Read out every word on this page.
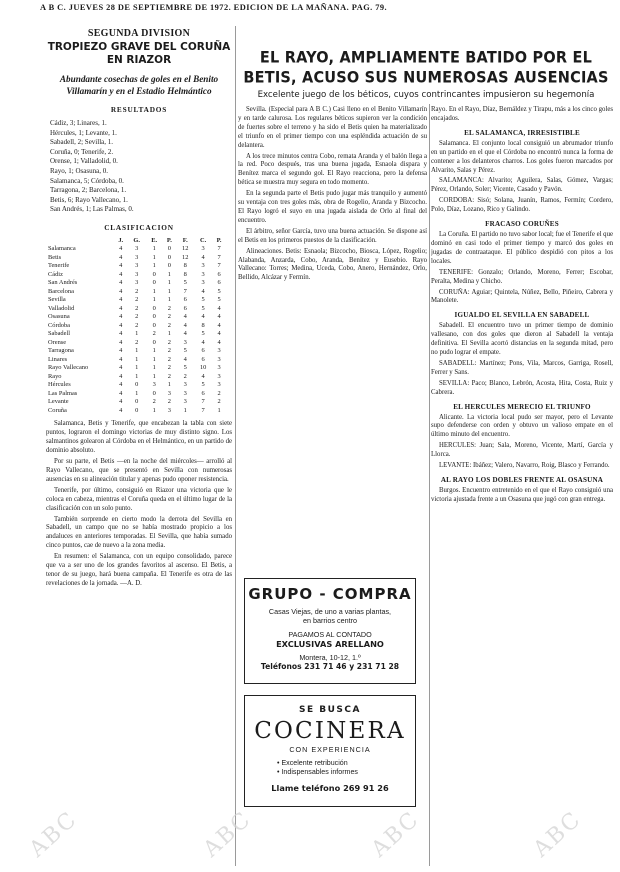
A B C. JUEVES 28 DE SEPTIEMBRE DE 1972. EDICION DE LA MAÑANA. PAG. 79.
SEGUNDA DIVISION
TROPIEZO GRAVE DEL CORUÑA EN RIAZOR
Abundante cosechas de goles en el Benito Villamarín y en el Estadio Helmántico
RESULTADOS
Cádiz, 3; Linares, 1.
Hércules, 1; Levante, 1.
Sabadell, 2; Sevilla, 1.
Coruña, 0; Tenerife, 2.
Orense, 1; Valladolid, 0.
Rayo, 1; Osasuna, 0.
Salamanca, 5; Córdoba, 0.
Tarragona, 2; Barcelona, 1.
Betis, 6; Rayo Vallecano, 1.
San Andrés, 1; Las Palmas, 0.
CLASIFICACION
	J.	G.	E.	P.	F.	C.	P.
Salamanca	4	3	1	0	12	3	7
Betis	4	3	1	0	12	4	7
Tenerife	4	3	1	0	8	3	7
Cádiz	4	3	0	1	8	3	6
San Andrés	4	3	0	1	5	3	6
Barcelona	4	2	1	1	7	4	5
Sevilla	4	2	1	1	6	5	5
Valladolid	4	2	0	2	6	5	4
Osasuna	4	2	0	2	4	4	4
Córdoba	4	2	0	2	4	8	4
Sabadell	4	1	2	1	4	5	4
Orense	4	2	0	2	3	4	4
Tarragona	4	1	1	2	5	6	3
Linares	4	1	1	2	4	6	3
Rayo Vallecano	4	1	1	2	5	10	3
Rayo	4	1	1	2	2	4	3
Hércules	4	0	3	1	3	5	3
Las Palmas	4	1	0	3	3	6	2
Levante	4	0	2	2	3	7	2
Coruña	4	0	1	3	1	7	1

Salamanca, Betis y Tenerife, que encabezan la tabla con siete puntos, lograron el domingo victorias de muy distinto signo. Los salmantinos golearon al Córdoba en el Helmántico, en un partido de dominio absoluto.

Por su parte, el Betis —en la noche del miércoles— arrolló al Rayo Vallecano, que se presentó en Sevilla con numerosas ausencias en su alineación titular y apenas pudo oponer resistencia.

Tenerife, por último, consiguió en Riazor una victoria que le coloca en cabeza, mientras el Coruña queda en el último lugar de la clasificación con un solo punto.

También sorprende en cierto modo la derrota del Sevilla en Sabadell, un campo que no se había mostrado propicio a los andaluces en anteriores temporadas. El Sevilla, que había sumado cinco puntos, cae de nuevo a la zona media.

En resumen: el Salamanca, con un equipo consolidado, parece que va a ser uno de los grandes favoritos al ascenso. El Betis, a tenor de su juego, hará buena campaña. El Tenerife es otra de las revelaciones de la jornada. —A. D.

EL RAYO, AMPLIAMENTE BATIDO POR EL BETIS, ACUSO SUS NUMEROSAS AUSENCIAS
Excelente juego de los béticos, cuyos contrincantes impusieron su hegemonía

Sevilla. (Especial para A B C.) Casi lleno en el Benito Villamarín y en tarde calurosa. Los regulares béticos supieron ver la condición de fuertes sobre el terreno y ha sido el Betis quien ha materializado el triunfo en el primer tiempo con una espléndida actuación de su delantera.

A los trece minutos centra Cobo, remata Aranda y el balón llega a la red. Poco después, tras una buena jugada, Esnaola dispara y Benítez marca el segundo gol. El Rayo reacciona, pero la defensa bética se muestra muy segura en todo momento.

En la segunda parte el Betis pudo jugar más tranquilo y aumentó su ventaja con tres goles más, obra de Rogelio, Aranda y Bizcocho. El Rayo logró el suyo en una jugada aislada de Orlo al final del encuentro.

El árbitro, señor García, tuvo una buena actuación. Se dispone así el Betis en los primeros puestos de la clasificación.

Alineaciones. Betis: Esnaola; Bizcocho, Biosca, López, Rogelio; Alabanda, Anzarda, Cobo, Aranda, Benítez y Eusebio. Rayo Vallecano: Torres; Medina, Uceda, Cobo, Anero, Hernández, Orlo, Bellido, Alcázar y Fermín.

GRUPO - COMPRA
Casas Viejas, de uno a varias plantas,
en barrios centro
PAGAMOS AL CONTADO
EXCLUSIVAS ARELLANO
Montera, 10-12, 1.º
Teléfonos 231 71 46 y 231 71 28
SE BUSCA
COCINERA
CON EXPERIENCIA
• Excelente retribución
• Indispensables informes
Llame teléfono 269 91 26

Rayo. En el Rayo, Díaz, Bernáldez y Tirapu, más a los cinco goles encajados.

EL SALAMANCA, IRRESISTIBLE

Salamanca. El conjunto local consiguió un abrumador triunfo en un partido en el que el Córdoba no encontró nunca la forma de contener a los delanteros charros. Los goles fueron marcados por Alvarito, Salas y Pérez.

SALAMANCA: Alvarito; Aguilera, Salas, Gómez, Vargas; Pérez, Orlando, Soler; Vicente, Casado y Pavón.

CORDOBA: Sisó; Solana, Juanín, Ramos, Fermín; Cordero, Polo, Díaz, Lozano, Rico y Galindo.

FRACASO CORUÑES

La Coruña. El partido no tuvo sabor local; fue el Tenerife el que dominó en casi todo el primer tiempo y marcó dos goles en jugadas de contraataque. El público despidió con pitos a los locales.

TENERIFE: Gonzalo; Orlando, Moreno, Ferrer; Escobar, Peralta, Medina y Chicho.

CORUÑA: Aguiar; Quintela, Núñez, Bello, Piñeiro, Cabrera y Manolete.

IGUALDO EL SEVILLA EN SABADELL

Sabadell. El encuentro tuvo un primer tiempo de dominio vallesano, con dos goles que dieron al Sabadell la ventaja definitiva. El Sevilla acortó distancias en la segunda mitad, pero no pudo lograr el empate.

SABADELL: Martínez; Pons, Vila, Marcos, Garriga, Rosell, Ferrer y Sans.

SEVILLA: Paco; Blanco, Lebrón, Acosta, Hita, Costa, Ruiz y Cabrera.

EL HERCULES MERECIO EL TRIUNFO

Alicante. La victoria local pudo ser mayor, pero el Levante supo defenderse con orden y obtuvo un valioso empate en el último minuto del encuentro.

HERCULES: Juan; Sala, Moreno, Vicente, Martí, García y Llorca.

LEVANTE: Ibáñez; Valero, Navarro, Roig, Blasco y Ferrando.

AL RAYO LOS DOBLES FRENTE AL OSASUNA

Burgos. Encuentro entretenido en el que el Rayo consiguió una victoria ajustada frente a un Osasuna que jugó con gran entrega.

ABC	ABC	ABC	ABC
